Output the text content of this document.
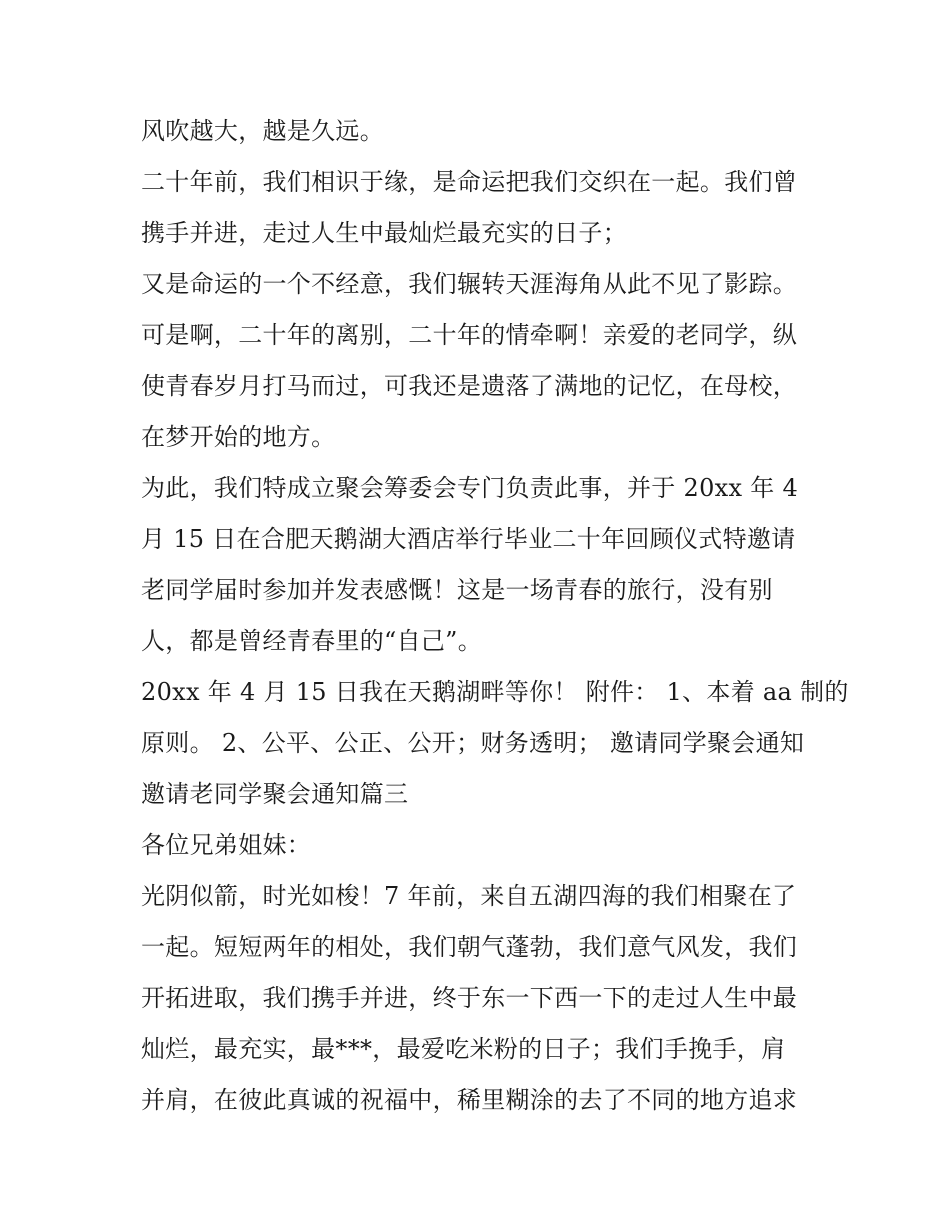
风吹越大，越是久远。
二十年前，我们相识于缘，是命运把我们交织在一起。我们曾
携手并进，走过人生中最灿烂最充实的日子；
又是命运的一个不经意，我们辗转天涯海角从此不见了影踪。
可是啊，二十年的离别，二十年的情牵啊！亲爱的老同学，纵
使青春岁月打马而过，可我还是遗落了满地的记忆，在母校，
在梦开始的地方。
为此，我们特成立聚会筹委会专门负责此事，并于 20xx 年 4
月 15 日在合肥天鹅湖大酒店举行毕业二十年回顾仪式特邀请
老同学届时参加并发表感慨！这是一场青春的旅行，没有别
人，都是曾经青春里的“自己”。
20xx 年 4 月 15 日我在天鹅湖畔等你！ 附件： 1、本着 aa 制的
原则。 2、公平、公正、公开；财务透明； 邀请同学聚会通知
邀请老同学聚会通知篇三
各位兄弟姐妹：
光阴似箭，时光如梭！7 年前，来自五湖四海的我们相聚在了
一起。短短两年的相处，我们朝气蓬勃，我们意气风发，我们
开拓进取，我们携手并进，终于东一下西一下的走过人生中最
灿烂，最充实，最***，最爱吃米粉的日子；我们手挽手，肩
并肩，在彼此真诚的祝福中，稀里糊涂的去了不同的地方追求
